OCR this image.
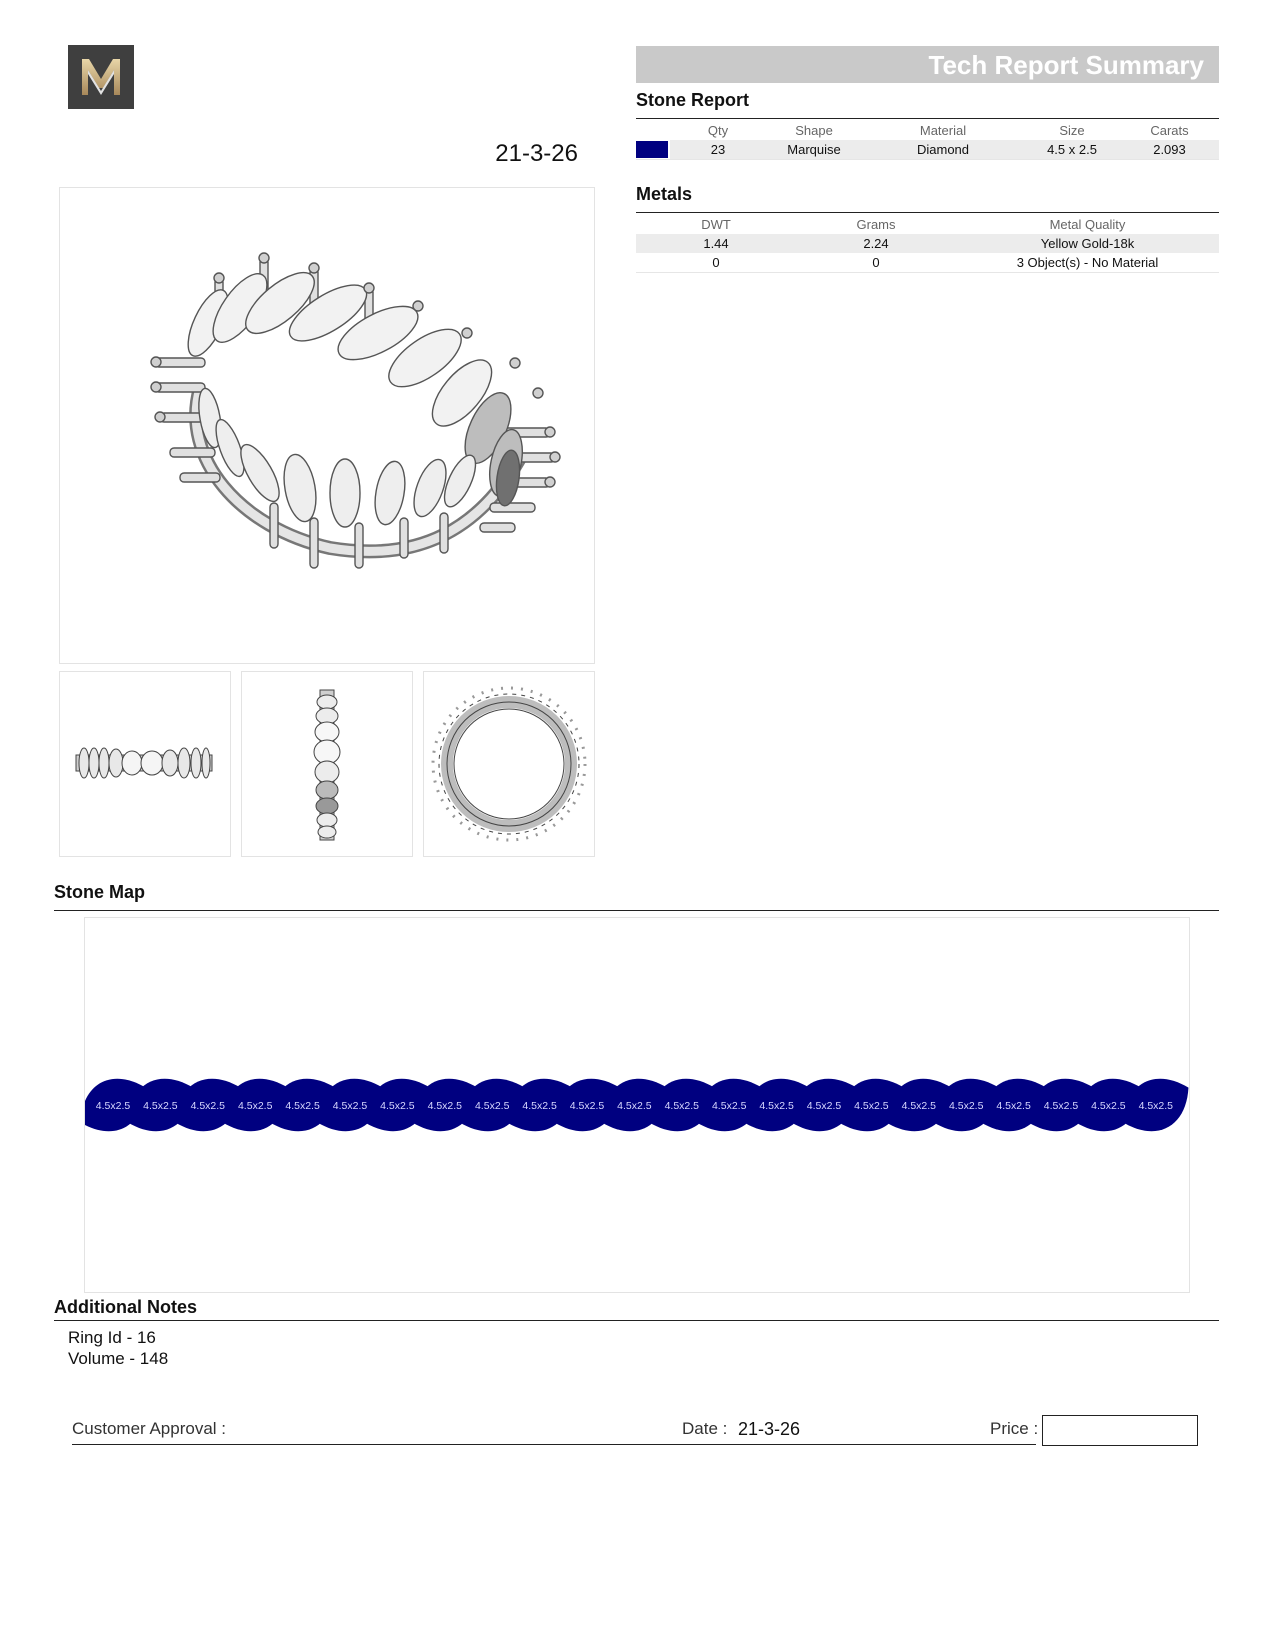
21-3-26
Tech Report Summary
Stone Report
	Qty	Shape	Material	Size	Carats

	23	Marquise	Diamond	4.5 x 2.5	2.093
Metals
DWT	Grams	Metal Quality
1.44	2.24	Yellow Gold-18k
0	0	3 Object(s) - No Material
Stone Map
4.5x2.5 4.5x2.5 4.5x2.5 4.5x2.5 4.5x2.5 4.5x2.5 4.5x2.5 4.5x2.5 4.5x2.5 4.5x2.5 4.5x2.5 4.5x2.5 4.5x2.5 4.5x2.5 4.5x2.5 4.5x2.5 4.5x2.5 4.5x2.5 4.5x2.5 4.5x2.5 4.5x2.5 4.5x2.5 4.5x2.5
Additional Notes
Ring Id - 16
Volume - 148
Customer Approval :	Date : 21-3-26	Price :
